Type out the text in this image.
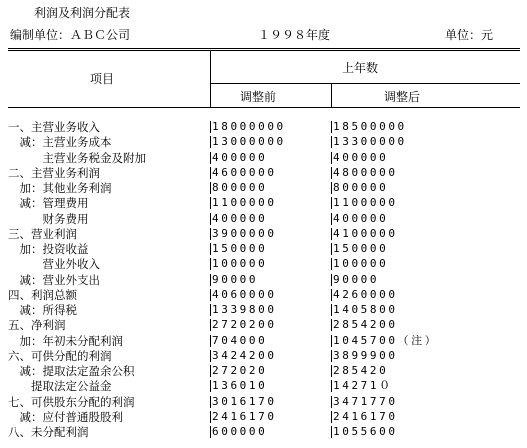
利润及利润分配表
编制单位：ＡＢＣ公司	１９９８年度	单位：元
项目
上年数
调整前	调整后
一、主营业务收入	18000000	18500000
　减：主营业务成本	13000000	13300000
　　　主营业务税金及附加	400000	400000
二、主营业务利润	4600000	4800000
　加：其他业务利润	800000	800000
　减：管理费用	1100000	1100000
　　　财务费用	400000	400000
三、营业利润	3900000	4100000
　加：投资收益	150000	150000
　　　营业外收入	100000	100000
　减：营业外支出	90000	90000
四、利润总额	4060000	4260000
　减：所得税	1339800	1405800
五、净利润	2720200	2854200
　加：年初未分配利润	704000	1045700（注）
六、可供分配的利润	3424200	3899900
　减：提取法定盈余公积	272020	285420
　　提取法定公益金	136010	14271０
七、可供股东分配的利润	3016170	3471770
　减：应付普通股股利	2416170	2416170
八、未分配利润	600000	1055600
